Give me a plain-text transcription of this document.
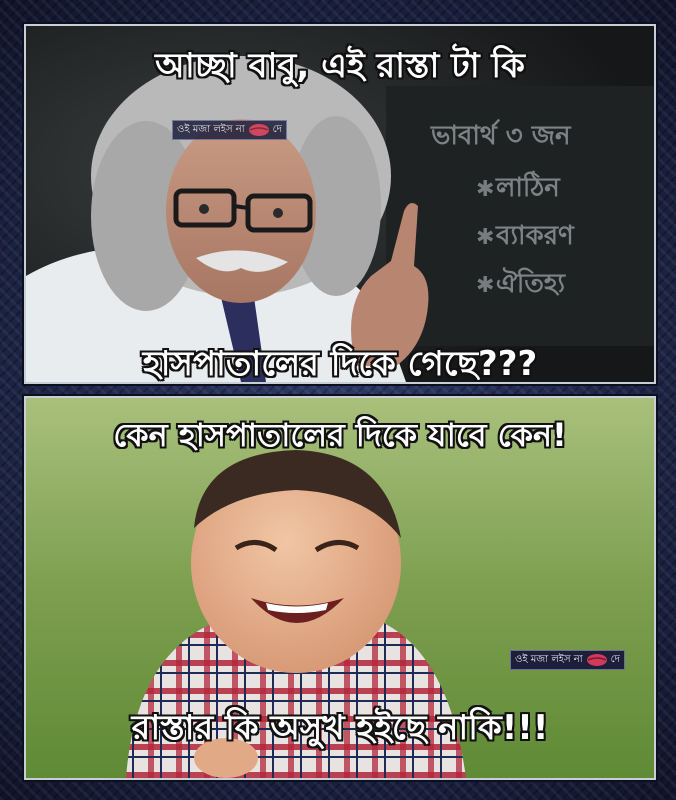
ভাবার্থ ৩ জন
লাঠিন
ব্যাকরণ
ঐতিহ্য
✱
✱
✱
ওই মজা লইস না	দে
আচ্ছা বাবু, এই রাস্তা টা কি
হাসপাতালের দিকে গেছে???
ওই মজা লইস না	দে
কেন হাসপাতালের দিকে যাবে কেন!
রাস্তার কি অসুখ হইছে নাকি!!!
